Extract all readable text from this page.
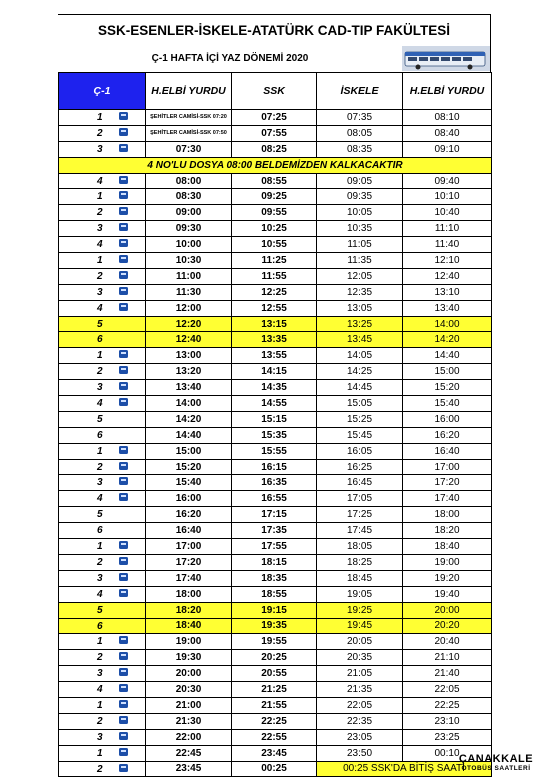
SSK-ESENLER-İSKELE-ATATÜRK CAD-TIP FAKÜLTESİ
Ç-1 HAFTA İÇİ YAZ DÖNEMİ 2020
Ç-1	H.ELBİ YURDU	SSK	İSKELE	H.ELBİ YURDU

1	ŞEHİTLER CAMİSİ-SSK 07:20	07:25	07:35	08:10

2	ŞEHİTLER CAMİSİ-SSK 07:50	07:55	08:05	08:40

3	07:30	08:25	08:35	09:10
4 NO'LU DOSYA 08:00 BELDEMİZDEN KALKACAKTIR				

4	08:00	08:55	09:05	09:40

1	08:30	09:25	09:35	10:10

2	09:00	09:55	10:05	10:40

3	09:30	10:25	10:35	11:10

4	10:00	10:55	11:05	11:40

1	10:30	11:25	11:35	12:10

2	11:00	11:55	12:05	12:40

3	11:30	12:25	12:35	13:10

4	12:00	12:55	13:05	13:40

5	12:20	13:15	13:25	14:00

6	12:40	13:35	13:45	14:20

1	13:00	13:55	14:05	14:40

2	13:20	14:15	14:25	15:00

3	13:40	14:35	14:45	15:20

4	14:00	14:55	15:05	15:40

5	14:20	15:15	15:25	16:00

6	14:40	15:35	15:45	16:20

1	15:00	15:55	16:05	16:40

2	15:20	16:15	16:25	17:00

3	15:40	16:35	16:45	17:20

4	16:00	16:55	17:05	17:40

5	16:20	17:15	17:25	18:00

6	16:40	17:35	17:45	18:20

1	17:00	17:55	18:05	18:40

2	17:20	18:15	18:25	19:00

3	17:40	18:35	18:45	19:20

4	18:00	18:55	19:05	19:40

5	18:20	19:15	19:25	20:00

6	18:40	19:35	19:45	20:20

1	19:00	19:55	20:05	20:40

2	19:30	20:25	20:35	21:10

3	20:00	20:55	21:05	21:40

4	20:30	21:25	21:35	22:05

1	21:00	21:55	22:05	22:25

2	21:30	22:25	22:35	23:10

3	22:00	22:55	23:05	23:25

1	22:45	23:45	23:50	00:10

2	23:45	00:25	00:25 SSK'DA BİTİŞ SAATİ	
ÇANAKKALE
OTOBÜS SAATLERİ
